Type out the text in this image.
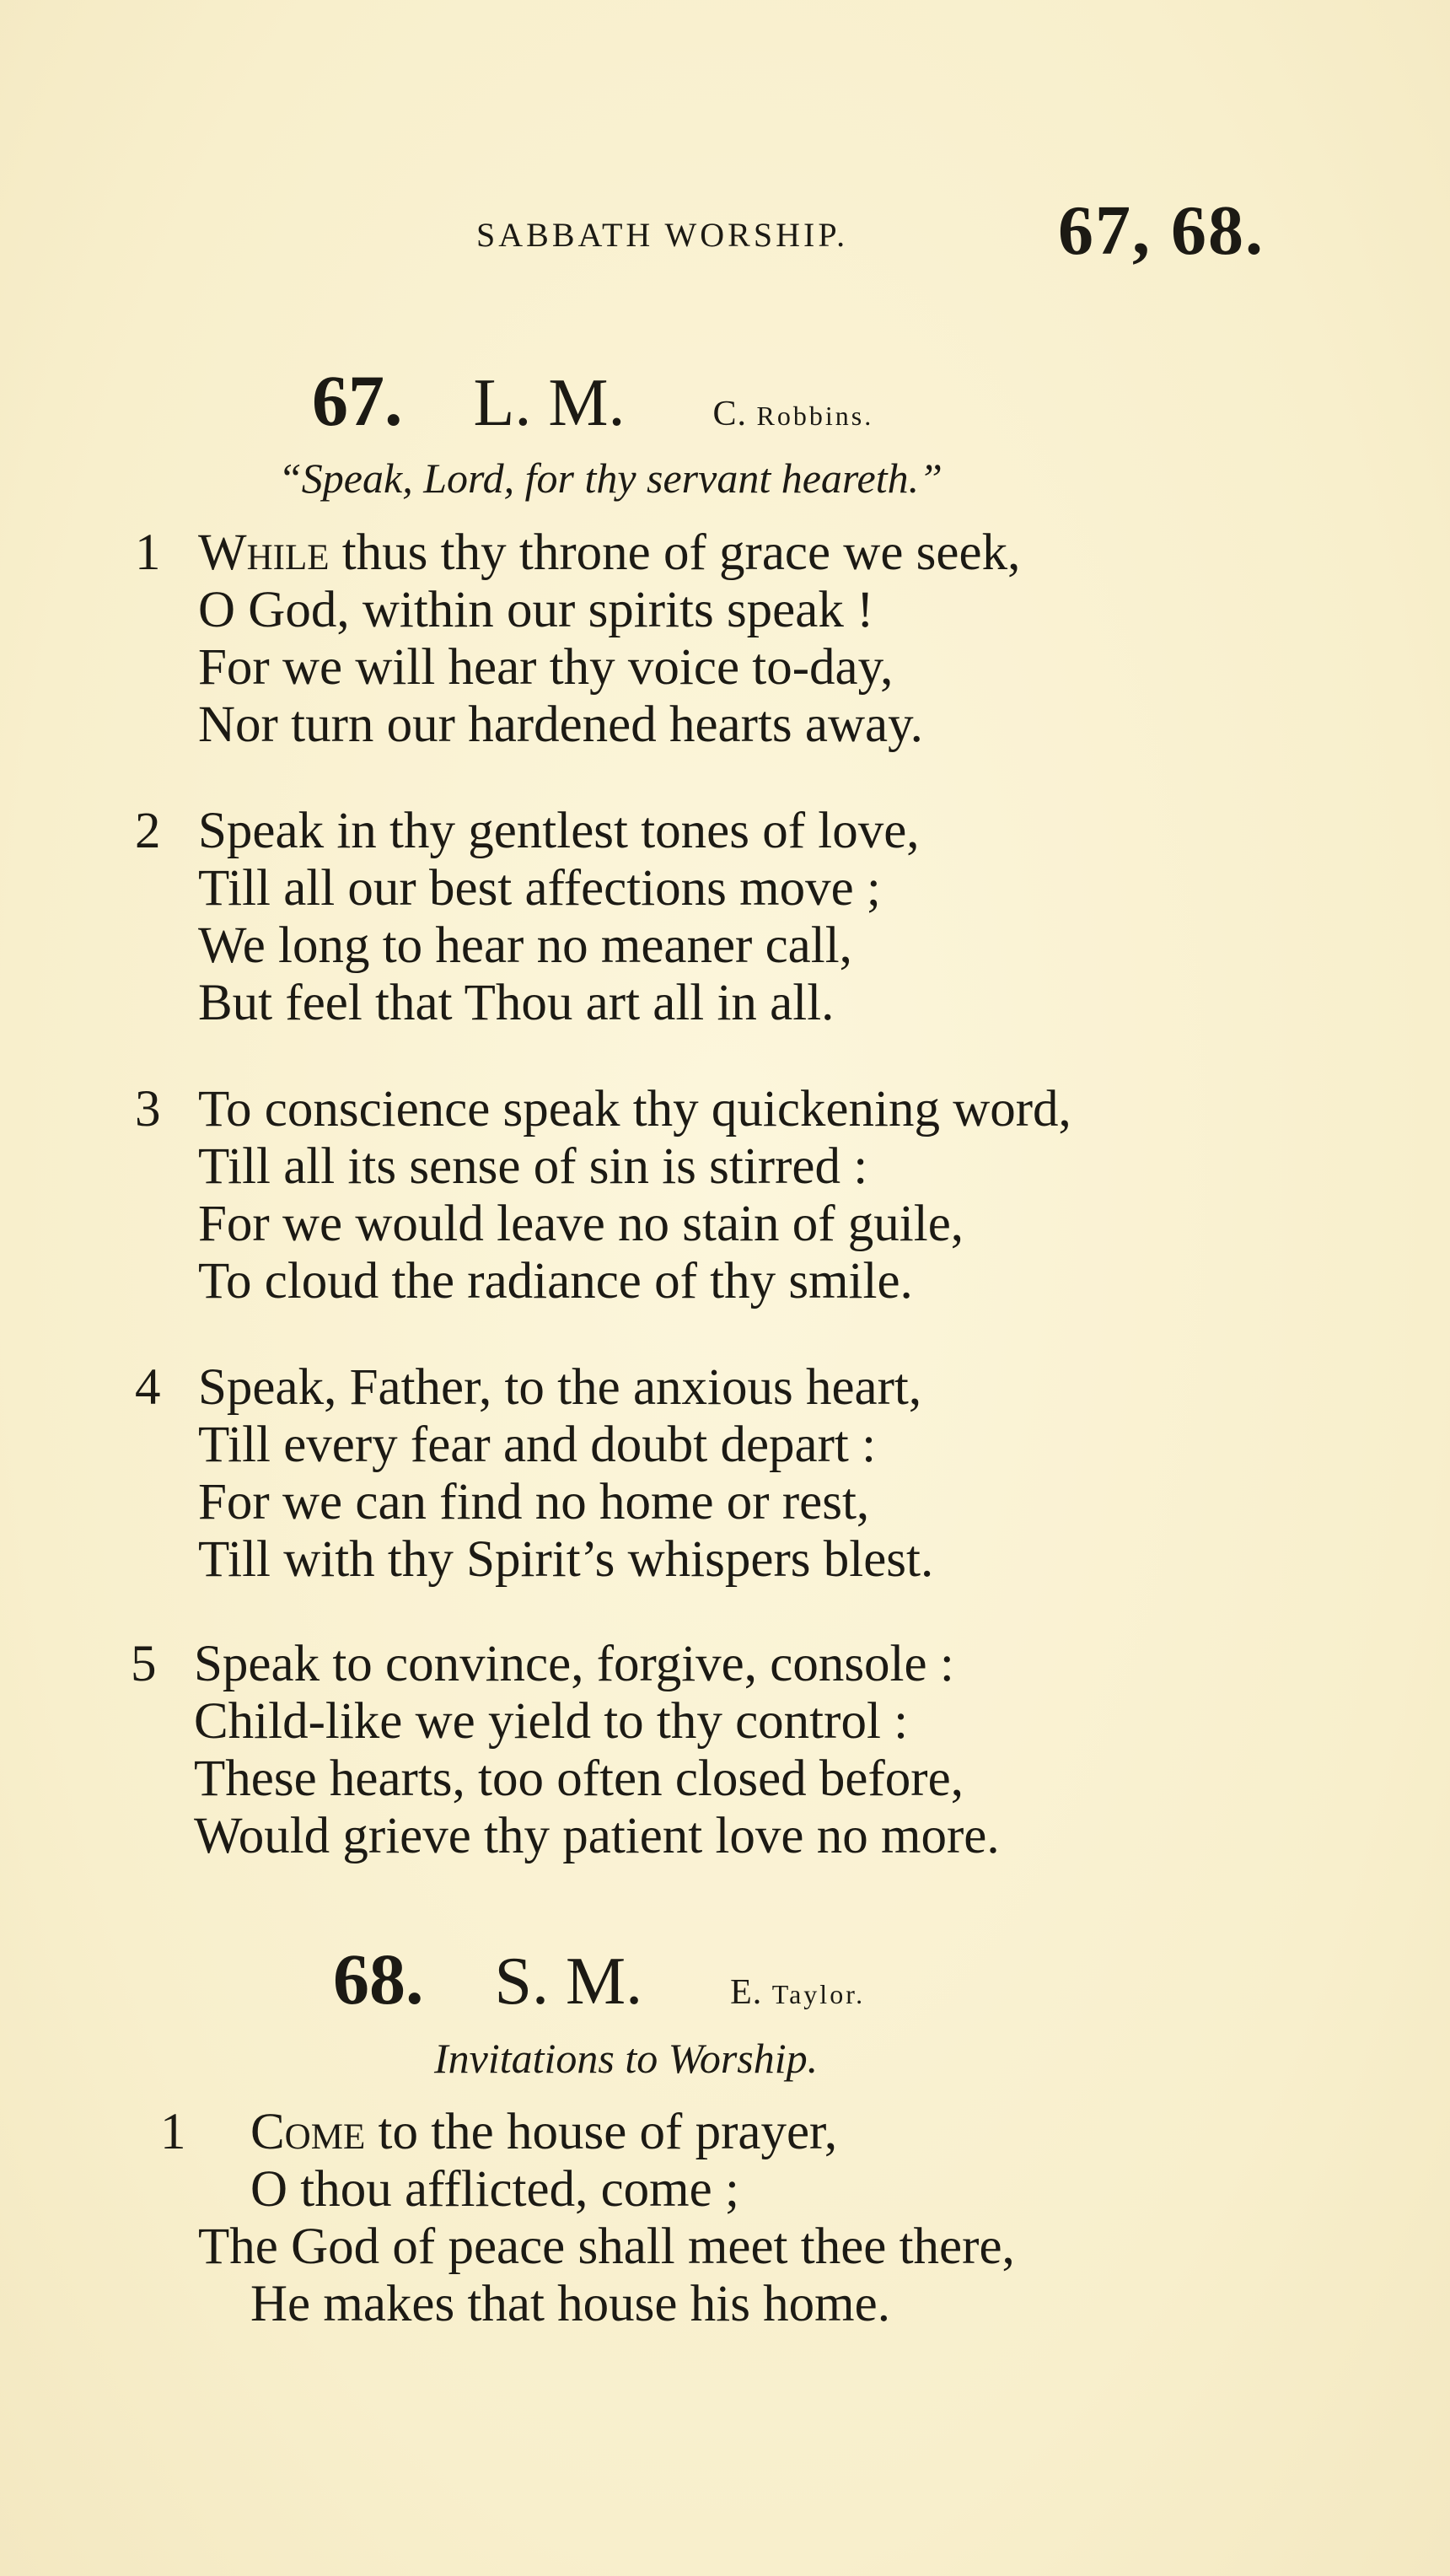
SABBATH WORSHIP.	67, 68.
67. L. M. C. Robbins.
“Speak, Lord, for thy servant heareth.”
1 While thus thy throne of grace we seek,
O God, within our spirits speak !
For we will hear thy voice to-day,
Nor turn our hardened hearts away.
2 Speak in thy gentlest tones of love,
Till all our best affections move ;
We long to hear no meaner call,
But feel that Thou art all in all.
3 To conscience speak thy quickening word,
Till all its sense of sin is stirred :
For we would leave no stain of guile,
To cloud the radiance of thy smile.
4 Speak, Father, to the anxious heart,
Till every fear and doubt depart :
For we can find no home or rest,
Till with thy Spirit’s whispers blest.
5 Speak to convince, forgive, console :
Child-like we yield to thy control :
These hearts, too often closed before,
Would grieve thy patient love no more.
68. S. M. E. Taylor.
Invitations to Worship.
1	Come to the house of prayer,
O thou afflicted, come ;
The God of peace shall meet thee there,
He makes that house his home.
